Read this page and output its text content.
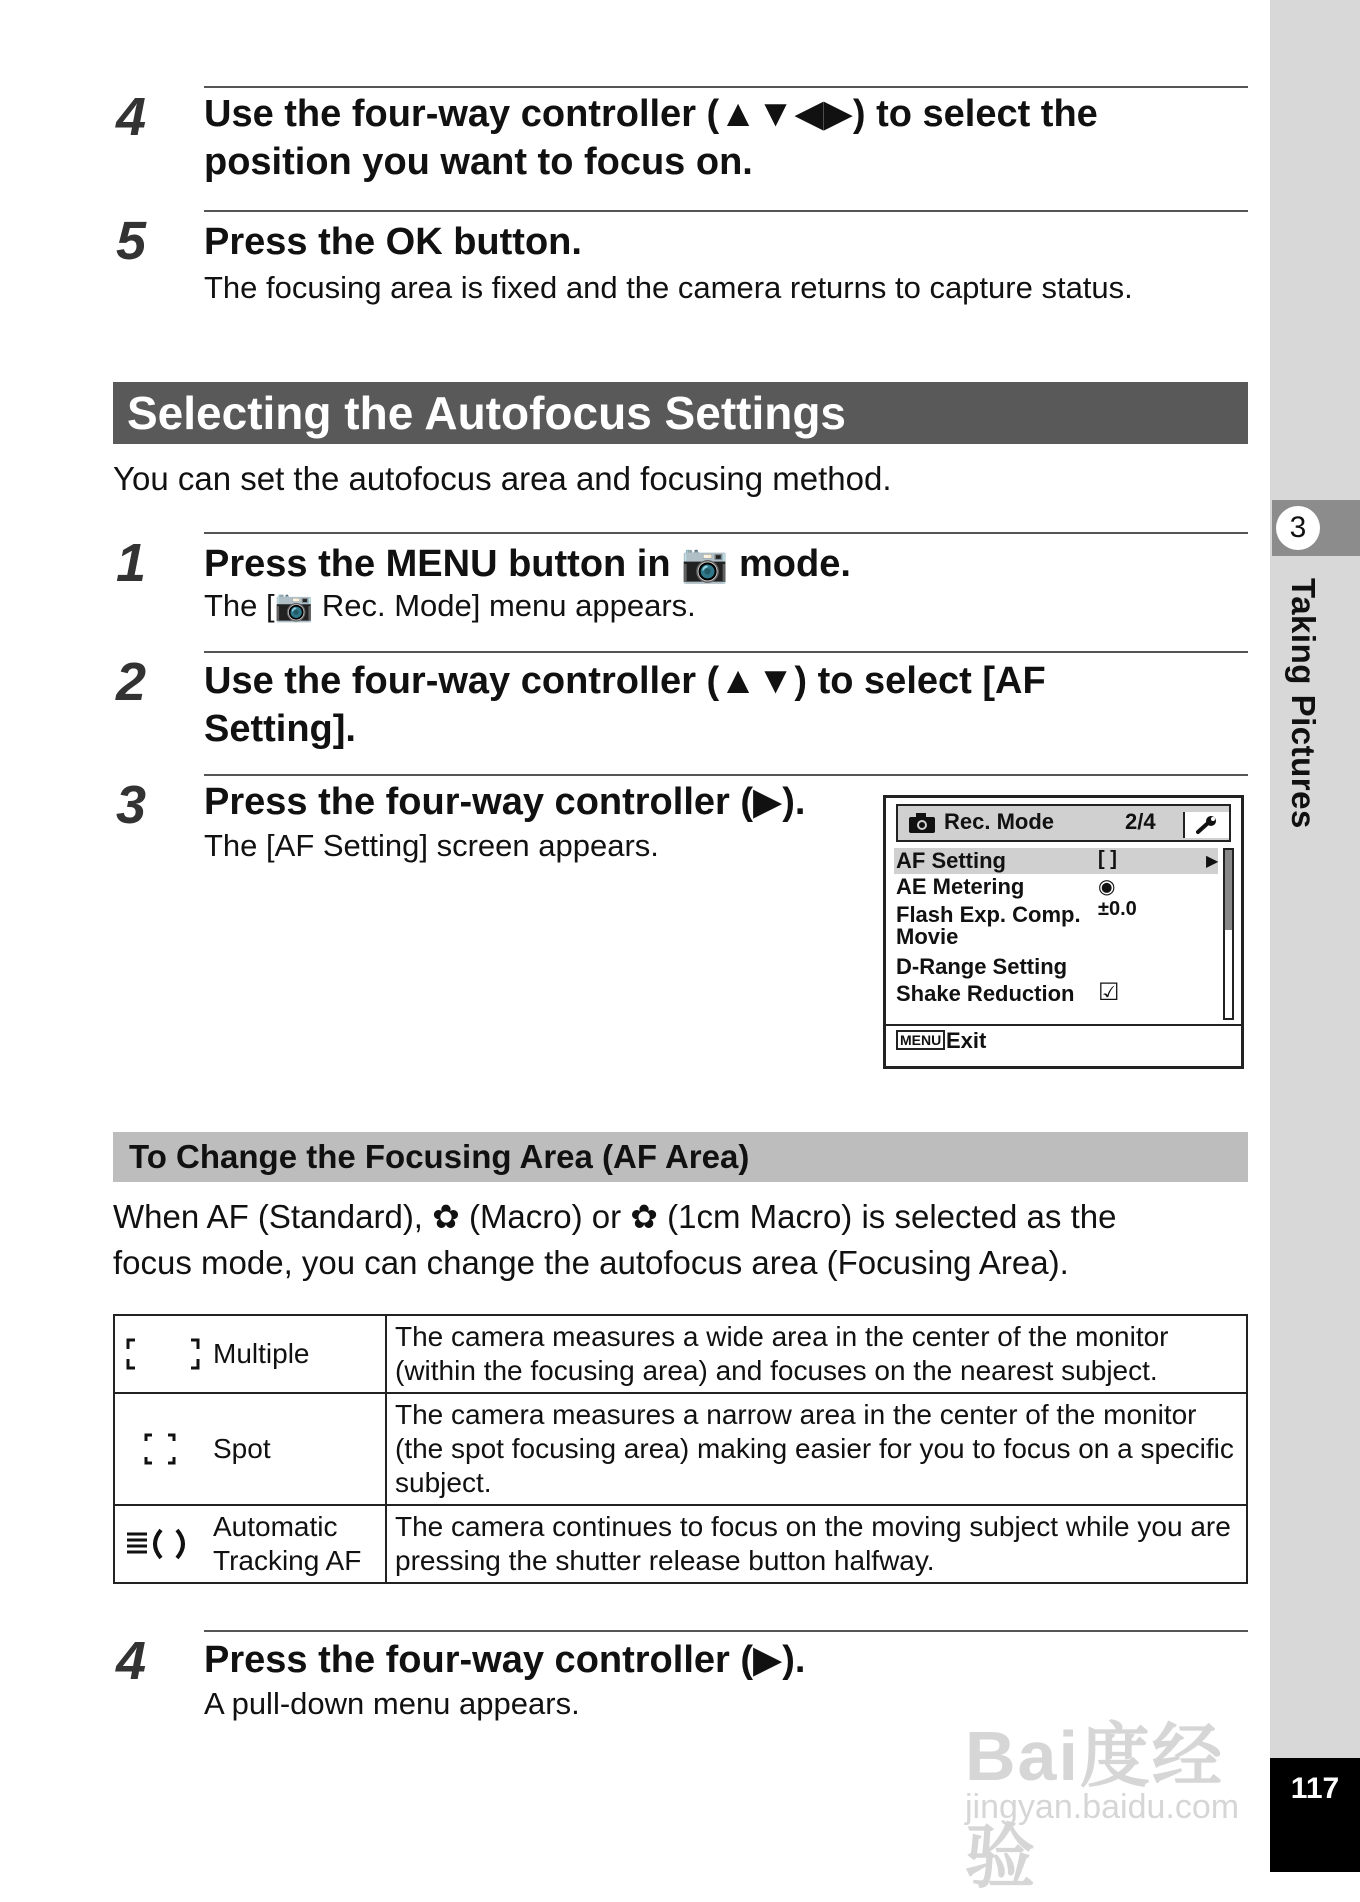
3
Taking Pictures
117
4 Use the four-way controller (▲▼◀▶) to select the position you want to focus on.
5 Press the OK button.
The focusing area is fixed and the camera returns to capture status.
Selecting the Autofocus Settings
You can set the autofocus area and focusing method.
1 Press the MENU button in 📷 mode.
The [📷 Rec. Mode] menu appears.
2 Use the four-way controller (▲▼) to select [AF Setting].
3 Press the four-way controller (▶).
The [AF Setting] screen appears.
Rec. Mode	2/4
AF Setting	[ ]	▶
AE Metering	◉
Flash Exp. Comp. ±0.0
Movie
D-Range Setting
Shake Reduction ☑
MENU Exit
To Change the Focusing Area (AF Area)
When AF (Standard), ✿ (Macro) or ✿ (1cm Macro) is selected as the
focus mode, you can change the autofocus area (Focusing Area).
Multiple	The camera measures a wide area in the center of the monitor (within the focusing area) and focuses on the nearest subject.

Spot	The camera measures a narrow area in the center of the monitor (the spot focusing area) making easier for you to focus on a specific subject.

Automatic Tracking AF	The camera continues to focus on the moving subject while you are pressing the shutter release button halfway.
4 Press the four-way controller (▶).
A pull-down menu appears.
Bai度经验
jingyan.baidu.com
